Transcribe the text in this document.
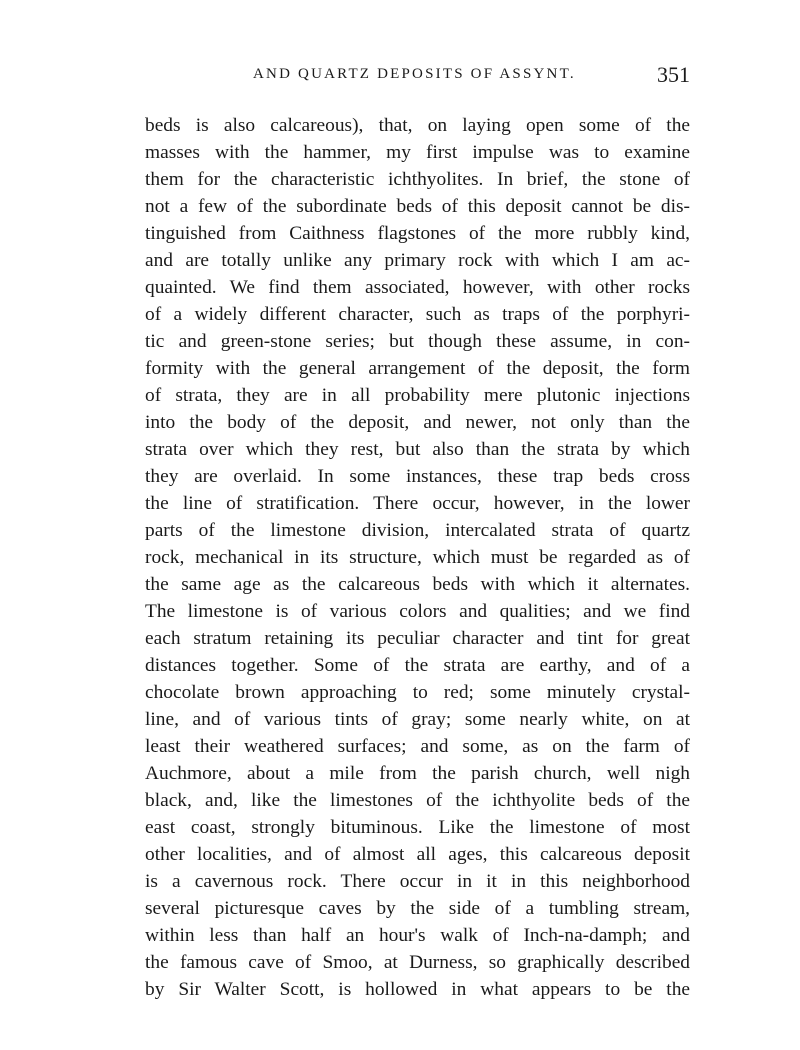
AND QUARTZ DEPOSITS OF ASSYNT.	351
beds is also calcareous), that, on laying open some of the
masses with the hammer, my first impulse was to examine
them for the characteristic ichthyolites. In brief, the stone of
not a few of the subordinate beds of this deposit cannot be dis-
tinguished from Caithness flagstones of the more rubbly kind,
and are totally unlike any primary rock with which I am ac-
quainted. We find them associated, however, with other rocks
of a widely different character, such as traps of the porphyri-
tic and green-stone series; but though these assume, in con-
formity with the general arrangement of the deposit, the form
of strata, they are in all probability mere plutonic injections
into the body of the deposit, and newer, not only than the
strata over which they rest, but also than the strata by which
they are overlaid. In some instances, these trap beds cross
the line of stratification. There occur, however, in the lower
parts of the limestone division, intercalated strata of quartz
rock, mechanical in its structure, which must be regarded as of
the same age as the calcareous beds with which it alternates.
The limestone is of various colors and qualities; and we find
each stratum retaining its peculiar character and tint for great
distances together. Some of the strata are earthy, and of a
chocolate brown approaching to red; some minutely crystal-
line, and of various tints of gray; some nearly white, on at
least their weathered surfaces; and some, as on the farm of
Auchmore, about a mile from the parish church, well nigh
black, and, like the limestones of the ichthyolite beds of the
east coast, strongly bituminous. Like the limestone of most
other localities, and of almost all ages, this calcareous deposit
is a cavernous rock. There occur in it in this neighborhood
several picturesque caves by the side of a tumbling stream,
within less than half an hour's walk of Inch-na-damph; and
the famous cave of Smoo, at Durness, so graphically described
by Sir Walter Scott, is hollowed in what appears to be the
